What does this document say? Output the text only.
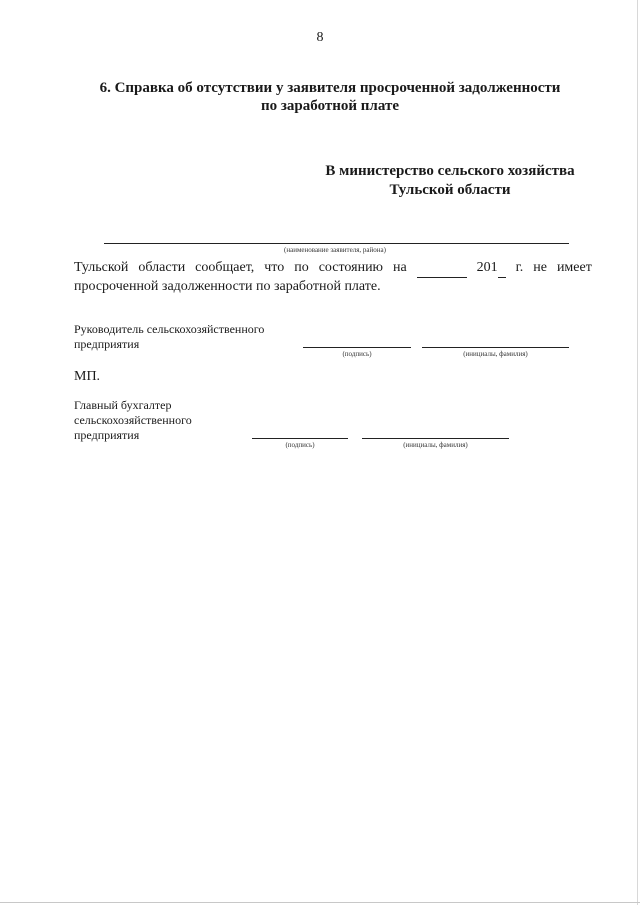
8
6. Справка об отсутствии у заявителя просроченной задолженности
по заработной плате
В министерство сельского хозяйства
Тульской области
(наименование заявителя, района)
Тульской области сообщает, что по состоянию на
	201	г. не имеет
просроченной задолженности по заработной плате.
Руководитель сельскохозяйственного
предприятия
(подпись)	(инициалы, фамилия)
МП.
Главный бухгалтер
сельскохозяйственного
предприятия
(подпись)	(инициалы, фамилия)
